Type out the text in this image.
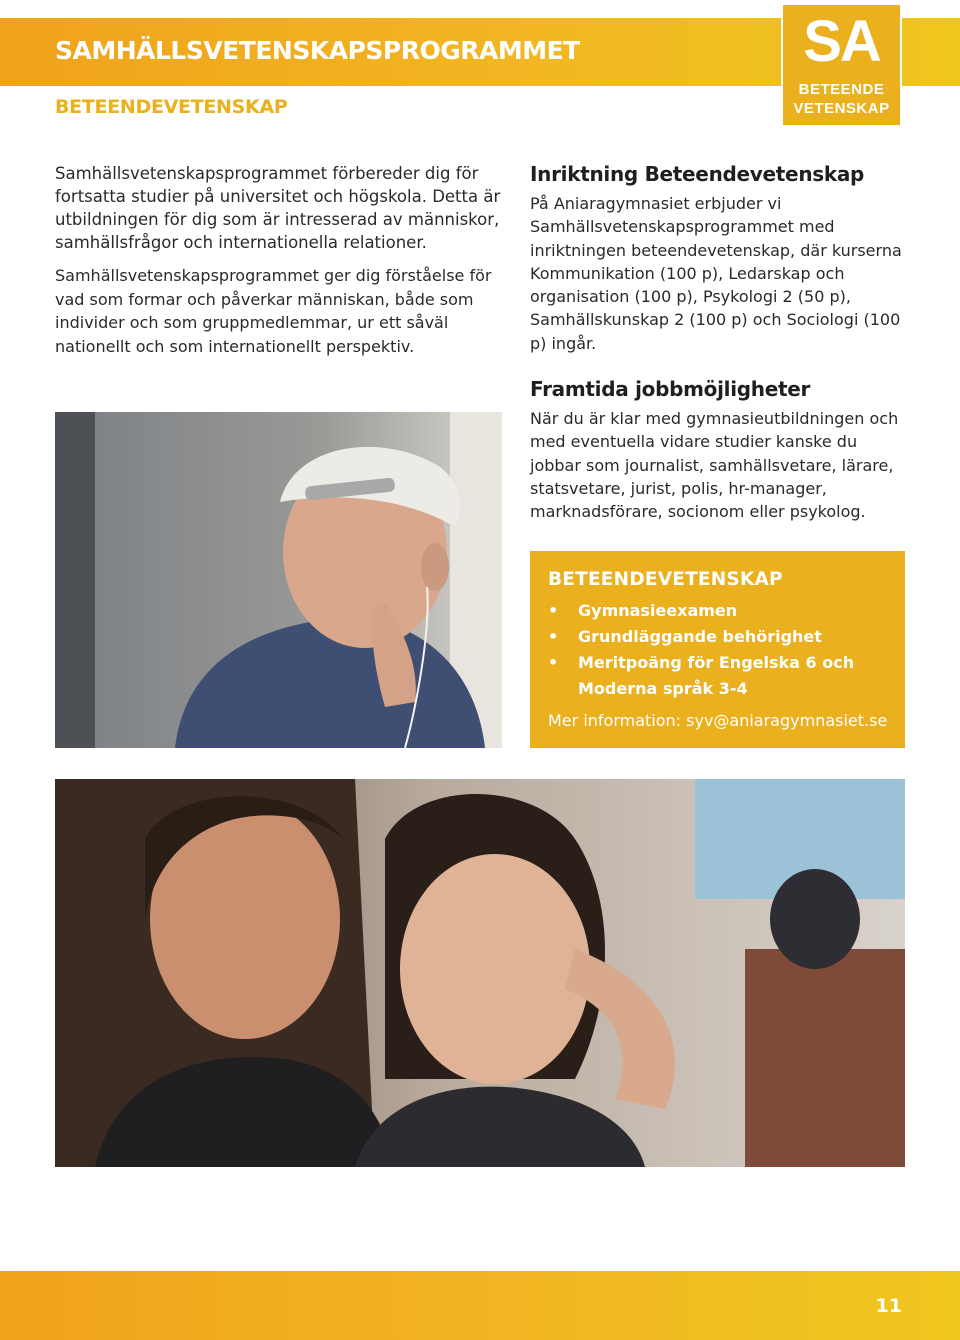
SAMHÄLLSVETENSKAPSPROGRAMMET
BETEENDEVETENSKAP
SA
BETEENDE
VETENSKAP

Samhällsvetenskapsprogrammet förbereder dig för fortsatta studier på universitet och högskola. Detta är utbildningen för dig som är intresserad av människor, samhällsfrågor och internationella relationer.

Samhällsvetenskapsprogrammet ger dig förståelse för vad som formar och påverkar människan, både som individer och som gruppmedlemmar, ur ett såväl nationellt och som internationellt perspektiv.

Inriktning Beteendevetenskap

På Aniaragymnasiet erbjuder vi Samhällsvetenskapsprogrammet med inriktningen beteendevetenskap, där kurserna Kommunikation (100 p), Ledarskap och organisation (100 p), Psykologi 2 (50 p), Samhällskunskap 2 (100 p) och Sociologi (100 p) ingår.

Framtida jobbmöjligheter

När du är klar med gymnasieutbildningen och med eventuella vidare studier kanske du jobbar som journalist, samhällsvetare, lärare, statsvetare, jurist, polis, hr-manager, marknadsförare, socionom eller psykolog.

BETEENDEVETENSKAP
• Gymnasieexamen
• Grundläggande behörighet
• Meritpoäng för Engelska 6 och Moderna språk 3-4

Mer information: syv@aniaragymnasiet.se

11
